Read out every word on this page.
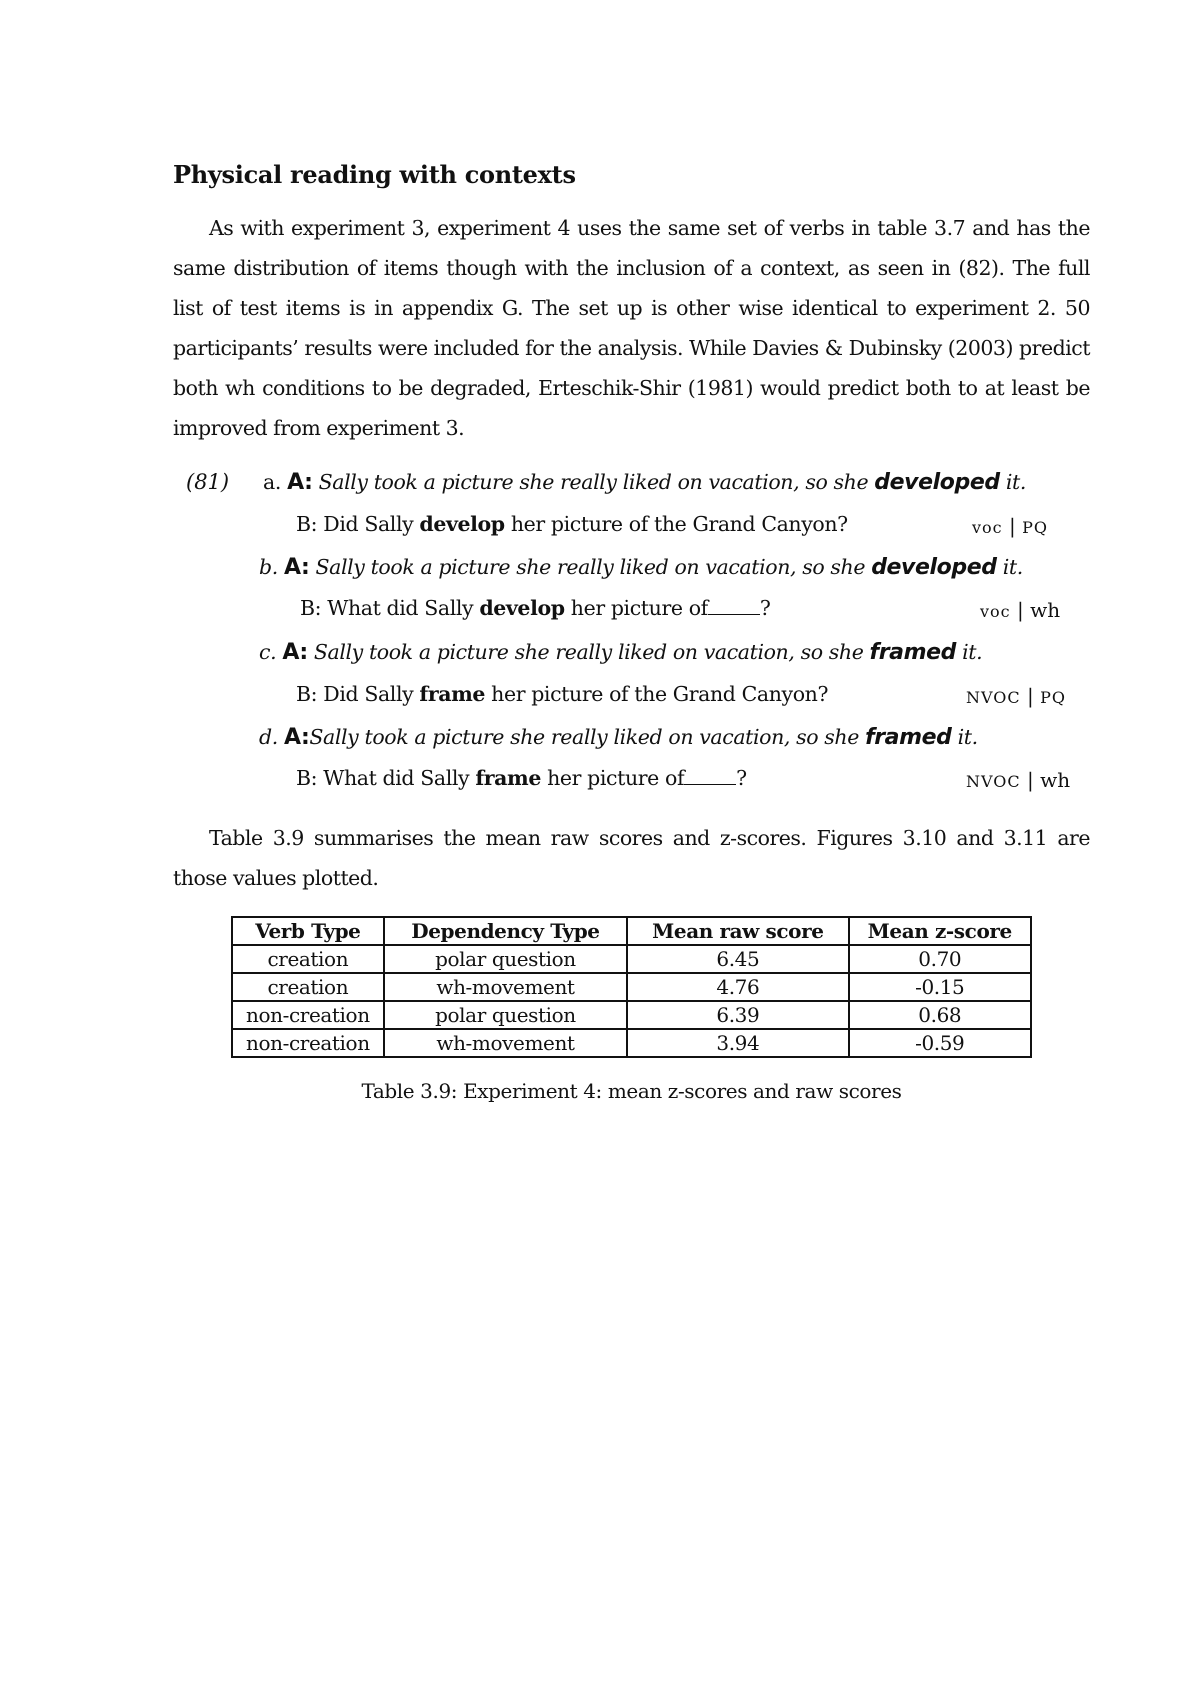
Physical reading with contexts

As with experiment 3, experiment 4 uses the same set of verbs in table 3.7 and has the same distribution of items though with the inclusion of a context, as seen in (82). The full list of test items is in appendix G. The set up is other wise identical to experiment 2. 50 participants’ results were included for the analysis. While Davies & Dubinsky (2003) predict both wh conditions to be degraded, Erteschik-Shir (1981) would predict both to at least be improved from experiment 3.

(81) a. A: Sally took a picture she really liked on vacation, so she developed it.
B: Did Sally develop her picture of the Grand Canyon?	voc | PQ
b. A: Sally took a picture she really liked on vacation, so she developed it.
B: What did Sally develop her picture of	?	voc | wh
c. A: Sally took a picture she really liked on vacation, so she framed it.
B: Did Sally frame her picture of the Grand Canyon?	NVOC | PQ
d. A:Sally took a picture she really liked on vacation, so she framed it.
B: What did Sally frame her picture of	?	NVOC | wh

Table 3.9 summarises the mean raw scores and z-scores. Figures 3.10 and 3.11 are those values plotted.

Verb Type	Dependency Type	Mean raw score	Mean z-score
creation	polar question	6.45	0.70
creation	wh-movement	4.76	-0.15
non-creation	polar question	6.39	0.68
non-creation	wh-movement	3.94	-0.59
Table 3.9: Experiment 4: mean z-scores and raw scores
